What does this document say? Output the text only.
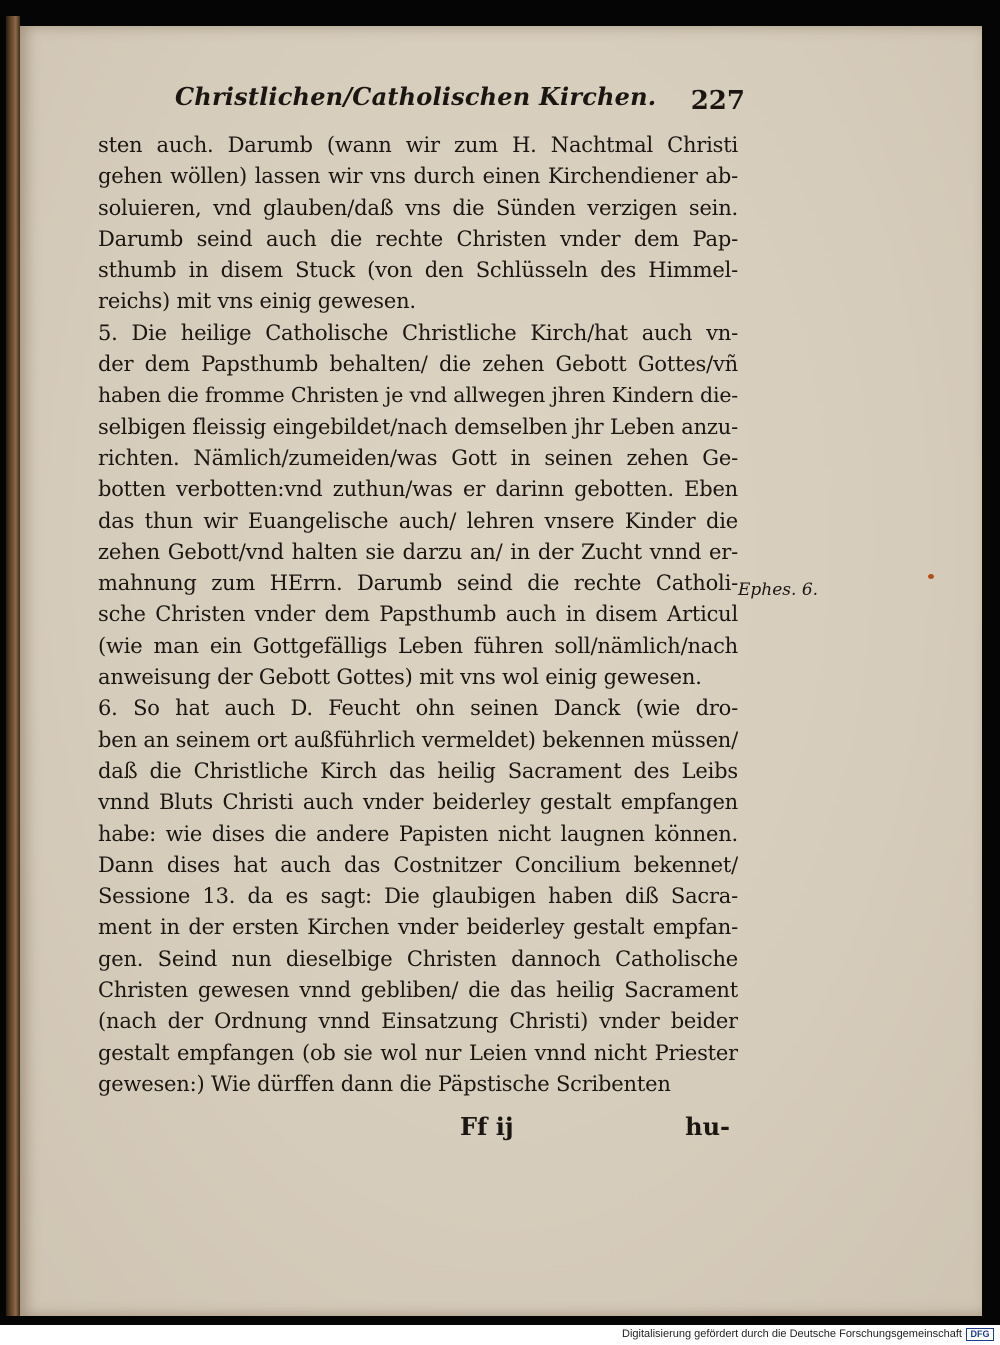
Christlichen/Catholischen Kirchen. 227
sten auch. Darumb (wann wir zum H. Nachtmal Christi
gehen wöllen) lassen wir vns durch einen Kirchendiener ab-
soluieren, vnd glauben/daß vns die Sünden verzigen sein.
Darumb seind auch die rechte Christen vnder dem Pap-
sthumb in disem Stuck (von den Schlüsseln des Himmel-
reichs) mit vns einig gewesen.
5. Die heilige Catholische Christliche Kirch/hat auch vn-
der dem Papsthumb behalten/ die zehen Gebott Gottes/vñ
haben die fromme Christen je vnd allwegen jhren Kindern die-
selbigen fleissig eingebildet/nach demselben jhr Leben anzu-
richten. Nämlich/zumeiden/was Gott in seinen zehen Ge-
botten verbotten:vnd zuthun/was er darinn gebotten. Eben
das thun wir Euangelische auch/ lehren vnsere Kinder die
zehen Gebott/vnd halten sie darzu an/ in der Zucht vnnd er-
mahnung zum HErrn. Darumb seind die rechte Catholi-
sche Christen vnder dem Papsthumb auch in disem Articul
(wie man ein Gottgefälligs Leben führen soll/nämlich/nach
anweisung der Gebott Gottes) mit vns wol einig gewesen.
6. So hat auch D. Feucht ohn seinen Danck (wie dro-
ben an seinem ort außführlich vermeldet) bekennen müssen/
daß die Christliche Kirch das heilig Sacrament des Leibs
vnnd Bluts Christi auch vnder beiderley gestalt empfangen
habe: wie dises die andere Papisten nicht laugnen können.
Dann dises hat auch das Costnitzer Concilium bekennet/
Sessione 13. da es sagt: Die glaubigen haben diß Sacra-
ment in der ersten Kirchen vnder beiderley gestalt empfan-
gen. Seind nun dieselbige Christen dannoch Catholische
Christen gewesen vnnd gebliben/ die das heilig Sacrament
(nach der Ordnung vnnd Einsatzung Christi) vnder beider
gestalt empfangen (ob sie wol nur Leien vnnd nicht Priester
gewesen:) Wie dürffen dann die Päpstische Scribenten
Ephes. 6.
Ff ij	hu-
Digitalisierung gefördert durch die Deutsche Forschungsgemeinschaft DFG
